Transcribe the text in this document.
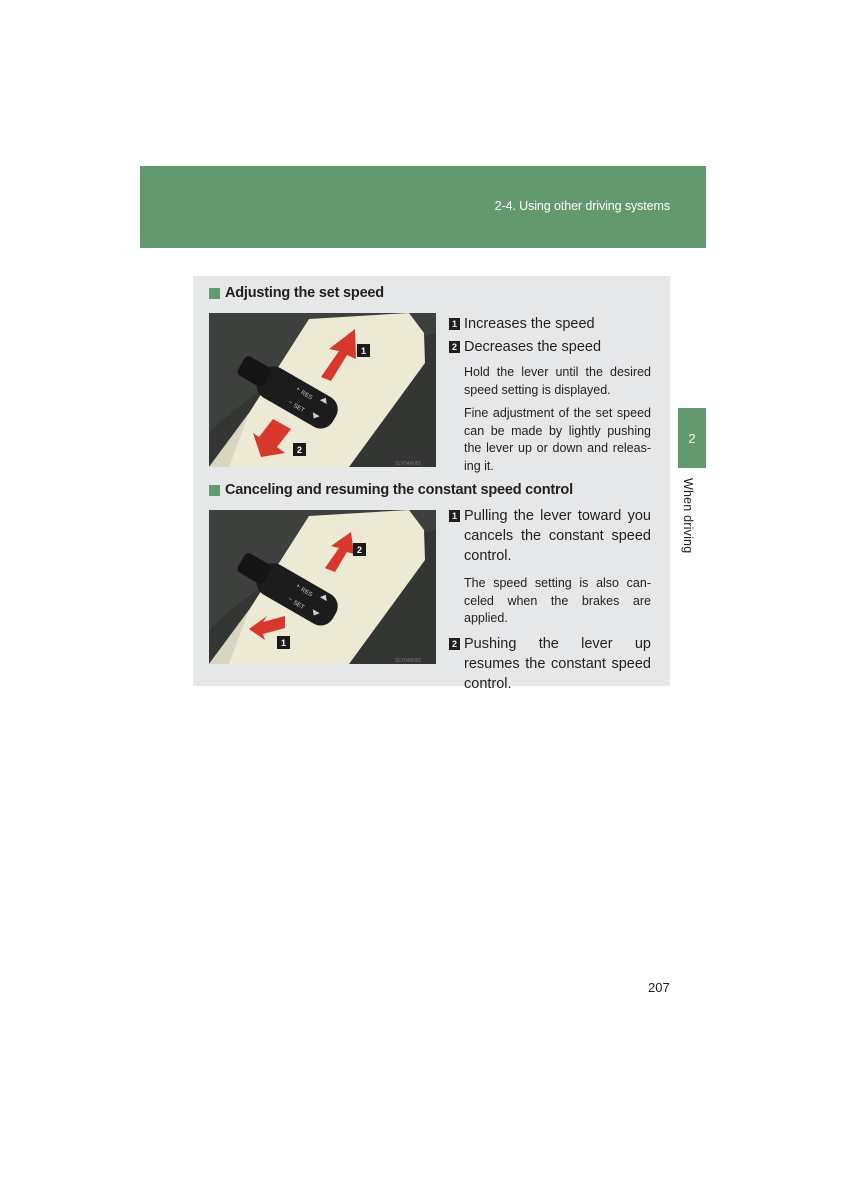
2-4. Using other driving systems
2
When driving
Adjusting the set speed
+
RES
–
SET
1
2
SLY04A001
1 Increases the speed
2 Decreases the speed
Hold the lever until the desired speed setting is displayed.
Fine adjustment of the set speed can be made by lightly pushing the lever up or down and releas-ing it.
Canceling and resuming the constant speed control
+
RES
–
SET
2
1
SLY04A001
1 Pulling the lever toward you cancels the constant speed control.
The speed setting is also can-celed when the brakes are applied.
2 Pushing the lever up resumes the constant speed control.
207
